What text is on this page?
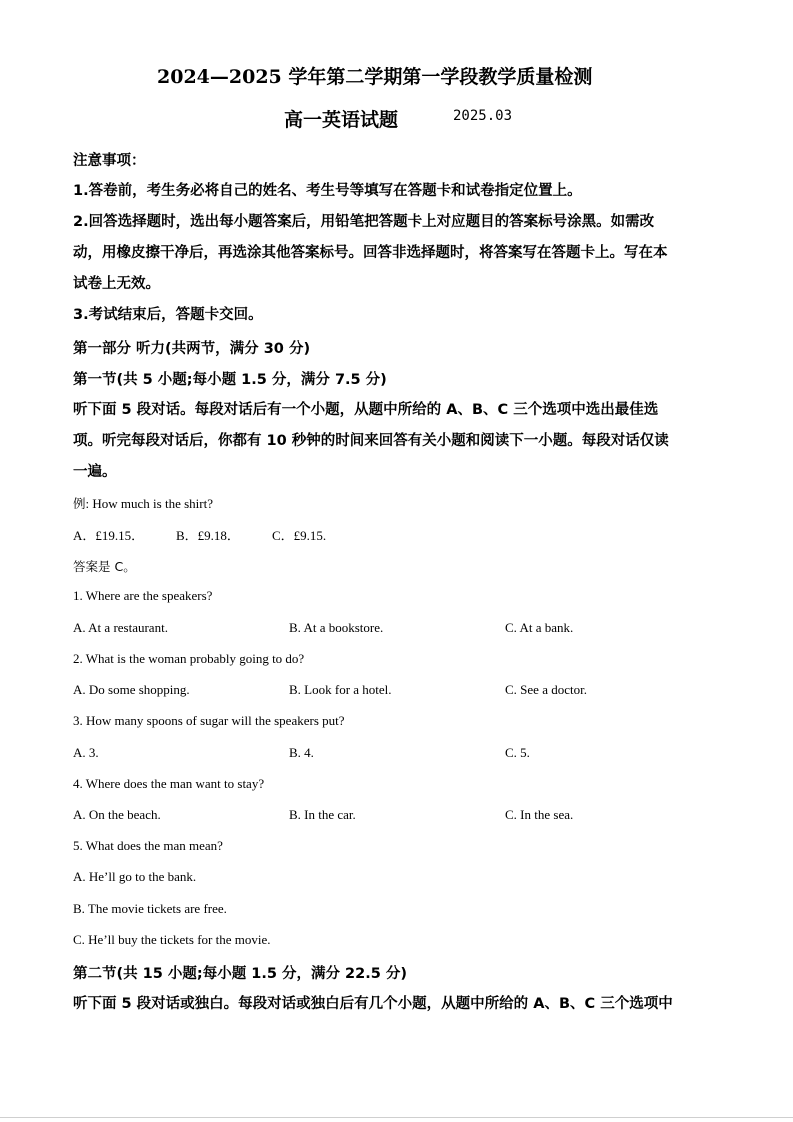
2024—2025 学年第二学期第一学段教学质量检测
高一英语试题	2025.03
注意事项：
1.答卷前，考生务必将自己的姓名、考生号等填写在答题卡和试卷指定位置上。
2.回答选择题时，选出每小题答案后，用铅笔把答题卡上对应题目的答案标号涂黑。如需改
动，用橡皮擦干净后，再选涂其他答案标号。回答非选择题时，将答案写在答题卡上。写在本
试卷上无效。
3.考试结束后，答题卡交回。
第一部分 听力(共两节，满分 30 分)
第一节(共 5 小题;每小题 1.5 分，满分 7.5 分)
听下面 5 段对话。每段对话后有一个小题，从题中所给的 A、B、C 三个选项中选出最佳选
项。听完每段对话后，你都有 10 秒钟的时间来回答有关小题和阅读下一小题。每段对话仅读
一遍。
例: How much is the shirt?
A．£19.15． B．£9.18． C．£9.15.
答案是 C。
1. Where are the speakers?
A. At a restaurant.	B. At a bookstore.	C. At a bank.
2. What is the woman probably going to do?
A. Do some shopping.	B. Look for a hotel.	C. See a doctor.
3. How many spoons of sugar will the speakers put?
A. 3.	B. 4.	C. 5.
4. Where does the man want to stay?
A. On the beach.	B. In the car.	C. In the sea.
5. What does the man mean?
A. He’ll go to the bank.
B. The movie tickets are free.
C. He’ll buy the tickets for the movie.
第二节(共 15 小题;每小题 1.5 分，满分 22.5 分)
听下面 5 段对话或独白。每段对话或独白后有几个小题，从题中所给的 A、B、C 三个选项中
